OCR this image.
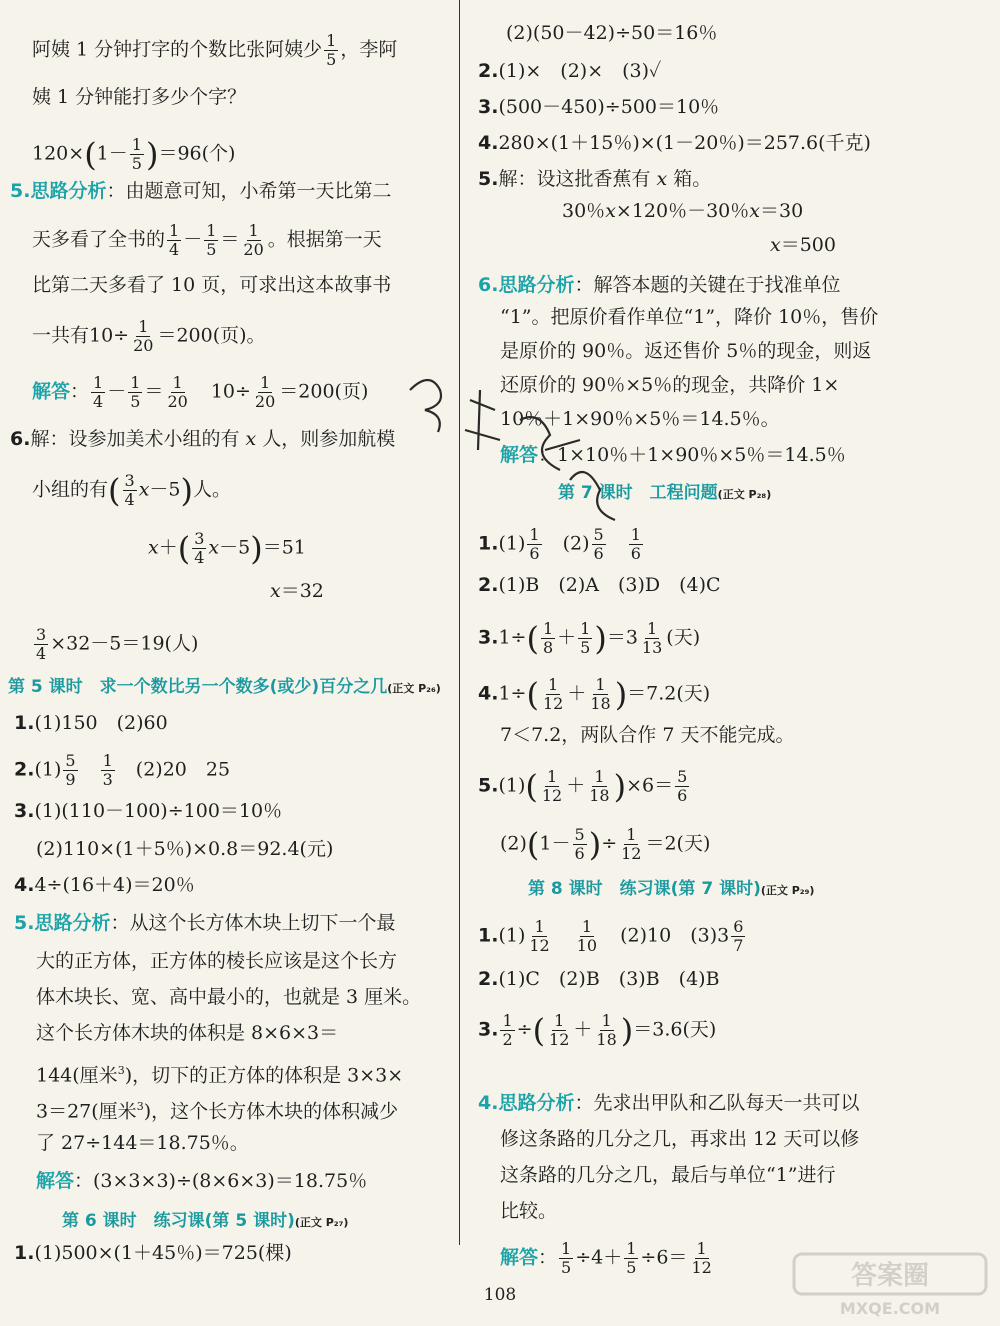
阿姨 1 分钟打字的个数比张阿姨少 $\frac{1}{5}$ ，李阿
姨 1 分钟能打多少个字？
$120\times(1- \frac{1}{5} )=96$(个)
5.思路分析：由题意可知，小希第一天比第二
天多看了全书的 $\frac{1}{4} - \frac{1}{5} = \frac{1}{20}$ 。根据第一天
比第二天多看了 10 页，可求出这本故事书
一共有$10\div \frac{1}{20} =200$(页)。
解答： $\frac{1}{4} - \frac{1}{5} = \frac{1}{20}$
　 $10\div \frac{1}{20} =200$(页)
6.解：设参加美术小组的有 x 人，则参加航模
小组的有( $\frac{3}{4} x-5$)人。
$x+( \frac{3}{4} x-5)=51$
x＝32
$\frac{3}{4} \times 32-5=19$(人)
第 5 课时　求一个数比另一个数多(或少)百分之几(正文 P₂₆)
1.(1)150　(2)60
$2.(1) \frac{5}{9}$
　 $\frac{1}{3}$
　 (2)20　25
3.(1)(110－100)÷100＝10％
(2)110×(1＋5％)×0.8＝92.4(元)
4.4÷(16＋4)＝20％
5.思路分析：从这个长方体木块上切下一个最
大的正方体，正方体的棱长应该是这个长方
体木块长、宽、高中最小的，也就是 3 厘米。
这个长方体木块的体积是 8×6×3＝
144(厘米$^3$)，切下的正方体的体积是 3×3×
3＝27(厘米$^3$)，这个长方体木块的体积减少
了 27÷144＝18.75％。
解答：(3×3×3)÷(8×6×3)＝18.75％
第 6 课时　练习课(第 5 课时)(正文 P₂₇)
1.(1)500×(1＋45％)＝725(棵)
(2)(50－42)÷50＝16％
2.(1)×　(2)×　(3)✓
3.(500－450)÷500＝10％
4.280×(1＋15％)×(1－20％)＝257.6(千克)
5.解：设这批香蕉有 x 箱。
30％x×120％－30％x＝30
x＝500
6.思路分析：解答本题的关键在于找准单位
“1”。把原价看作单位“1”，降价 10％，售价
是原价的 90％。返还售价 5％的现金，则返
还原价的 90％×5％的现金，共降价 1×
10％＋1×90％×5％＝14.5％。
解答：1×10％＋1×90％×5％＝14.5％
第 7 课时　工程问题(正文 P₂₈)
$1.(1) \frac{1}{6}$
　 $(2) \frac{5}{6}$
　 $\frac{1}{6}$
2.(1)B　(2)A　(3)D　(4)C
$3.1\div( \frac{1}{8} + \frac{1}{5} )=3 \frac{1}{13}$ (天)
$4.1\div( \frac{1}{12} + \frac{1}{18} )=7.2$(天)
7＜7.2，两队合作 7 天不能完成。
$5.(1)( \frac{1}{12} + \frac{1}{18} )\times 6= \frac{5}{6}$
$(2)(1- \frac{5}{6}$ )÷ $\frac{1}{12} =2$(天)
第 8 课时　练习课(第 7 课时)(正文 P₂₉)
$1.(1) \frac{1}{12}$
　 $\frac{1}{10}$
　 (2)10　$(3)3 \frac{6}{7}$
2.(1)C　(2)B　(3)B　(4)B
3. $\frac{1}{2}$ ÷( $\frac{1}{12} + \frac{1}{18} )=3.6$(天)
4.思路分析：先求出甲队和乙队每天一共可以
修这条路的几分之几，再求出 12 天可以修
这条路的几分之几，最后与单位“1”进行
比较。
解答： $\frac{1}{5} \div 4+ \frac{1}{5} \div 6= \frac{1}{12}$
108
答案圈
MXQE.COM
